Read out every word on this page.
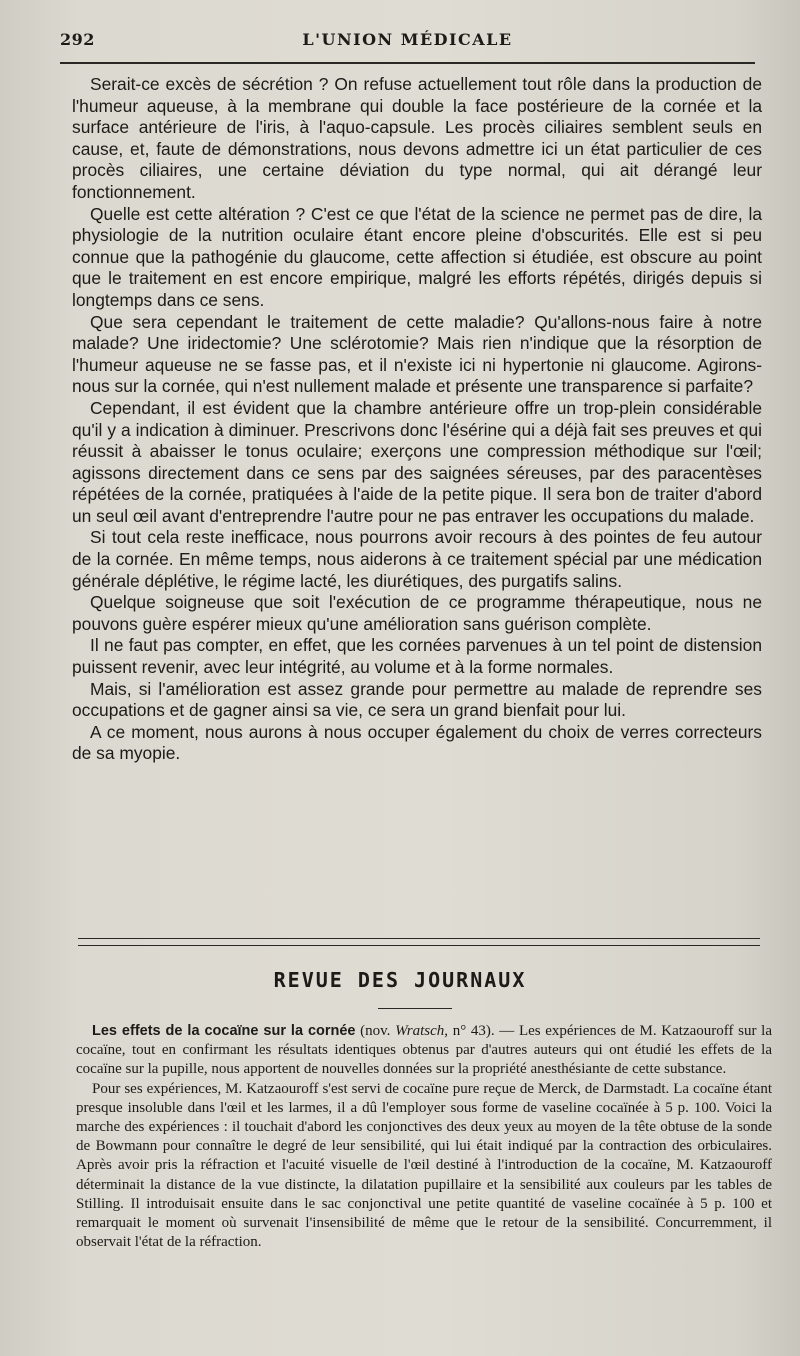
292	L'UNION MÉDICALE

Serait-ce excès de sécrétion ? On refuse actuellement tout rôle dans la production de l'humeur aqueuse, à la membrane qui double la face postérieure de la cornée et la surface antérieure de l'iris, à l'aquo-capsule. Les procès ciliaires semblent seuls en cause, et, faute de démonstrations, nous devons admettre ici un état particulier de ces procès ciliaires, une certaine déviation du type normal, qui ait dérangé leur fonctionnement.

Quelle est cette altération ? C'est ce que l'état de la science ne permet pas de dire, la physiologie de la nutrition oculaire étant encore pleine d'obscurités. Elle est si peu connue que la pathogénie du glaucome, cette affection si étudiée, est obscure au point que le traitement en est encore empirique, malgré les efforts répétés, dirigés depuis si longtemps dans ce sens.

Que sera cependant le traitement de cette maladie? Qu'allons-nous faire à notre malade? Une iridectomie? Une sclérotomie? Mais rien n'indique que la résorption de l'humeur aqueuse ne se fasse pas, et il n'existe ici ni hypertonie ni glaucome. Agirons-nous sur la cornée, qui n'est nullement malade et présente une transparence si parfaite?

Cependant, il est évident que la chambre antérieure offre un trop-plein considérable qu'il y a indication à diminuer. Prescrivons donc l'ésérine qui a déjà fait ses preuves et qui réussit à abaisser le tonus oculaire; exerçons une compression méthodique sur l'œil; agissons directement dans ce sens par des saignées séreuses, par des paracentèses répétées de la cornée, pratiquées à l'aide de la petite pique. Il sera bon de traiter d'abord un seul œil avant d'entreprendre l'autre pour ne pas entraver les occupations du malade.

Si tout cela reste inefficace, nous pourrons avoir recours à des pointes de feu autour de la cornée. En même temps, nous aiderons à ce traitement spécial par une médication générale déplétive, le régime lacté, les diurétiques, des purgatifs salins.

Quelque soigneuse que soit l'exécution de ce programme thérapeutique, nous ne pouvons guère espérer mieux qu'une amélioration sans guérison complète.

Il ne faut pas compter, en effet, que les cornées parvenues à un tel point de distension puissent revenir, avec leur intégrité, au volume et à la forme normales.

Mais, si l'amélioration est assez grande pour permettre au malade de reprendre ses occupations et de gagner ainsi sa vie, ce sera un grand bienfait pour lui.

A ce moment, nous aurons à nous occuper également du choix de verres correcteurs de sa myopie.

REVUE DES JOURNAUX

Les effets de la cocaïne sur la cornée (nov. Wratsch, n° 43). — Les expériences de M. Katzaouroff sur la cocaïne, tout en confirmant les résultats identiques obtenus par d'autres auteurs qui ont étudié les effets de la cocaïne sur la pupille, nous apportent de nouvelles données sur la propriété anesthésiante de cette substance.

Pour ses expériences, M. Katzaouroff s'est servi de cocaïne pure reçue de Merck, de Darmstadt. La cocaïne étant presque insoluble dans l'œil et les larmes, il a dû l'employer sous forme de vaseline cocaïnée à 5 p. 100. Voici la marche des expériences : il touchait d'abord les conjonctives des deux yeux au moyen de la tête obtuse de la sonde de Bowmann pour connaître le degré de leur sensibilité, qui lui était indiqué par la contraction des orbiculaires. Après avoir pris la réfraction et l'acuité visuelle de l'œil destiné à l'introduction de la cocaïne, M. Katzaouroff déterminait la distance de la vue distincte, la dilatation pupillaire et la sensibilité aux couleurs par les tables de Stilling. Il introduisait ensuite dans le sac conjonctival une petite quantité de vaseline cocaïnée à 5 p. 100 et remarquait le moment où survenait l'insensibilité de même que le retour de la sensibilité. Concurremment, il observait l'état de la réfraction.
